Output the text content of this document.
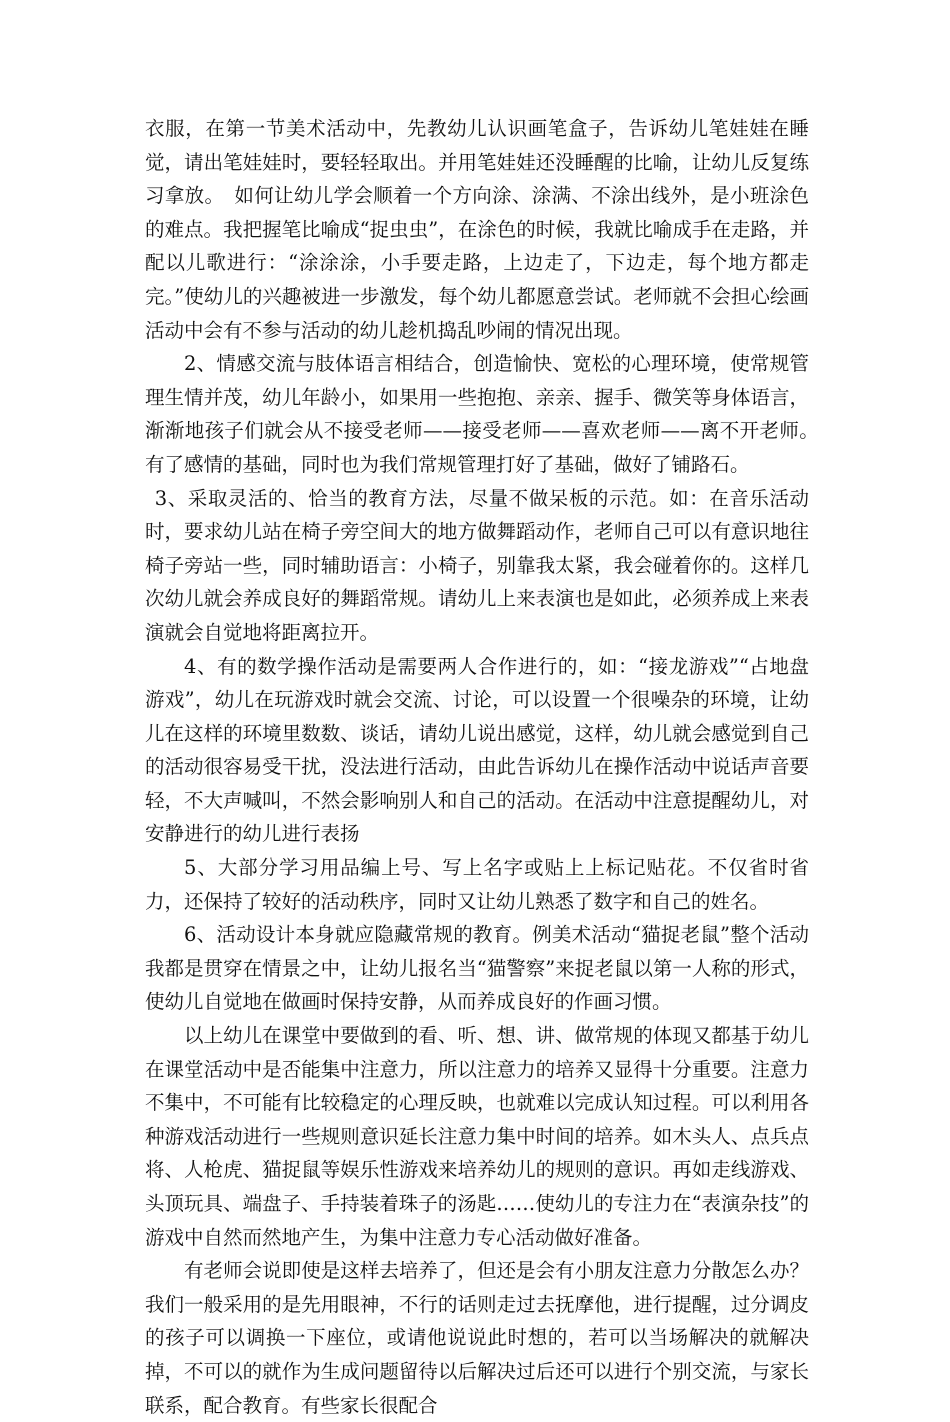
衣服，在第一节美术活动中，先教幼儿认识画笔盒子，告诉幼儿笔娃娃在睡觉，请出笔娃娃时，要轻轻取出。并用笔娃娃还没睡醒的比喻，让幼儿反复练习拿放。　如何让幼儿学会顺着一个方向涂、涂满、不涂出线外，是小班涂色的难点。我把握笔比喻成“捉虫虫”，在涂色的时候，我就比喻成手在走路，并配以儿歌进行：“涂涂涂，小手要走路，上边走了，下边走，每个地方都走完。”使幼儿的兴趣被进一步激发，每个幼儿都愿意尝试。老师就不会担心绘画活动中会有不参与活动的幼儿趁机捣乱吵闹的情况出现。

2、情感交流与肢体语言相结合，创造愉快、宽松的心理环境，使常规管理生情并茂，幼儿年龄小，如果用一些抱抱、亲亲、握手、微笑等身体语言，渐渐地孩子们就会从不接受老师——接受老师——喜欢老师——离不开老师。　有了感情的基础，同时也为我们常规管理打好了基础，做好了铺路石。

3、采取灵活的、恰当的教育方法，尽量不做呆板的示范。如：在音乐活动时，要求幼儿站在椅子旁空间大的地方做舞蹈动作，老师自己可以有意识地往椅子旁站一些，同时辅助语言：小椅子，别靠我太紧，我会碰着你的。这样几次幼儿就会养成良好的舞蹈常规。请幼儿上来表演也是如此，必须养成上来表演就会自觉地将距离拉开。

4、有的数学操作活动是需要两人合作进行的，如：“接龙游戏”“占地盘游戏”，幼儿在玩游戏时就会交流、讨论，可以设置一个很噪杂的环境，让幼儿在这样的环境里数数、谈话，请幼儿说出感觉，这样，幼儿就会感觉到自己的活动很容易受干扰，没法进行活动，由此告诉幼儿在操作活动中说话声音要轻，不大声喊叫，不然会影响别人和自己的活动。在活动中注意提醒幼儿，对安静进行的幼儿进行表扬

5、大部分学习用品编上号、写上名字或贴上上标记贴花。不仅省时省力，还保持了较好的活动秩序，同时又让幼儿熟悉了数字和自己的姓名。

6、活动设计本身就应隐藏常规的教育。例美术活动“猫捉老鼠”整个活动我都是贯穿在情景之中，让幼儿报名当“猫警察”来捉老鼠以第一人称的形式，使幼儿自觉地在做画时保持安静，从而养成良好的作画习惯。

以上幼儿在课堂中要做到的看、听、想、讲、做常规的体现又都基于幼儿在课堂活动中是否能集中注意力，所以注意力的培养又显得十分重要。注意力不集中，不可能有比较稳定的心理反映，也就难以完成认知过程。可以利用各种游戏活动进行一些规则意识延长注意力集中时间的培养。如木头人、点兵点将、人枪虎、猫捉鼠等娱乐性游戏来培养幼儿的规则的意识。再如走线游戏、头顶玩具、端盘子、手持装着珠子的汤匙……使幼儿的专注力在“表演杂技”的游戏中自然而然地产生，为集中注意力专心活动做好准备。

有老师会说即使是这样去培养了，但还是会有小朋友注意力分散怎么办？我们一般采用的是先用眼神，不行的话则走过去抚摩他，进行提醒，过分调皮的孩子可以调换一下座位，或请他说说此时想的，若可以当场解决的就解决掉，不可以的就作为生成问题留待以后解决过后还可以进行个别交流，与家长联系，配合教育。有些家长很配合
